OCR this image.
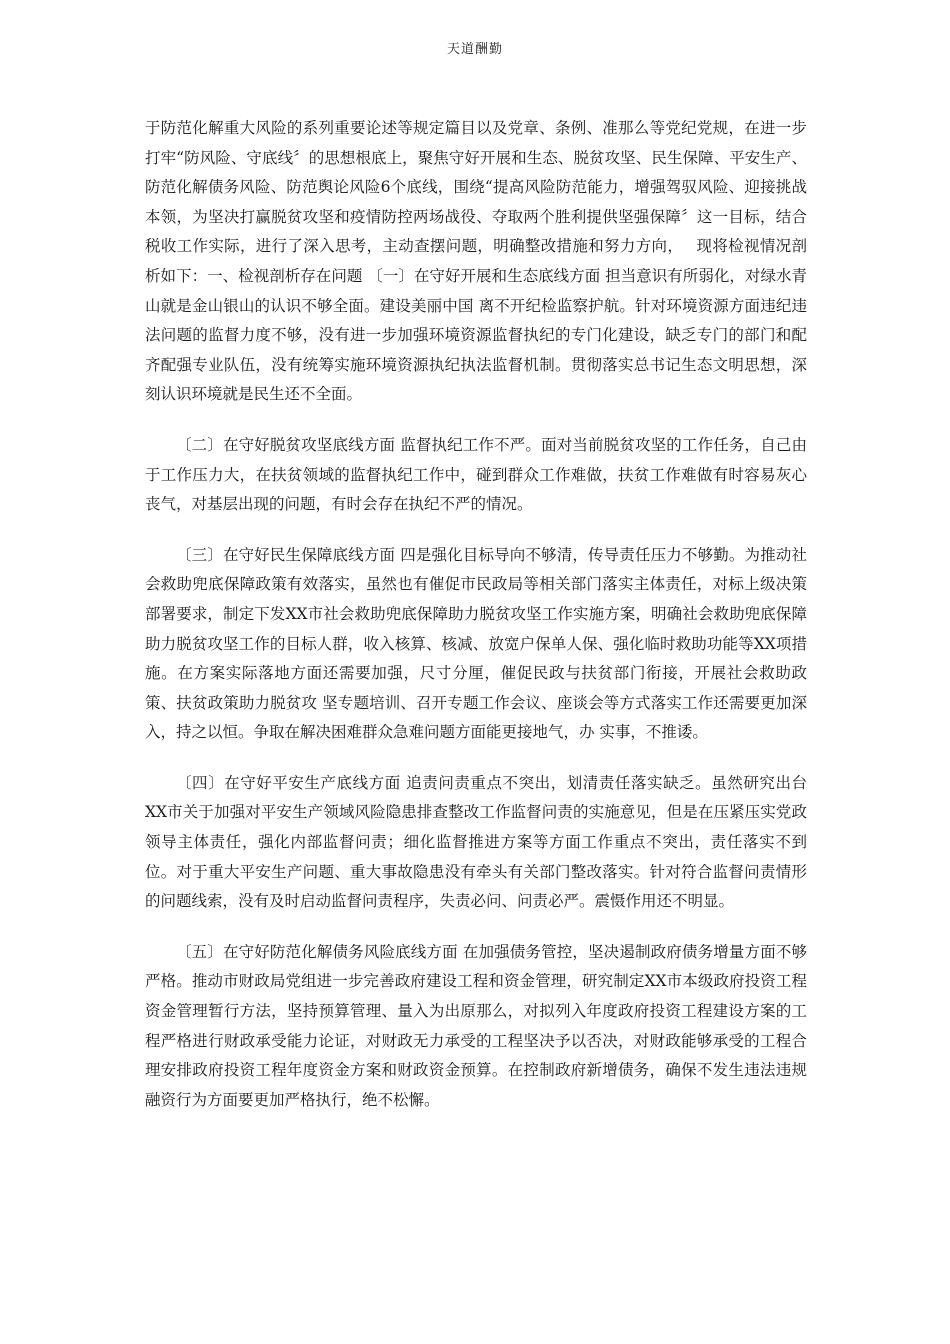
天道酬勤

于防范化解重大风险的系列重要论述等规定篇目以及党章、条例、准那么等党纪党规，在进一步打牢“防风险、守底线〞的思想根底上，聚焦守好开展和生态、脱贫攻坚、民生保障、平安生产、防范化解债务风险、防范舆论风险6个底线，围绕“提高风险防范能力，增强驾驭风险、迎接挑战本领，为坚决打赢脱贫攻坚和疫情防控两场战役、夺取两个胜利提供坚强保障〞这一目标，结合税收工作实际，进行了深入思考，主动查摆问题，明确整改措施和努力方向，　 现将检视情况剖析如下：一、检视剖析存在问题 〔一〕在守好开展和生态底线方面 担当意识有所弱化，对绿水青山就是金山银山的认识不够全面。建设美丽中国 离不开纪检监察护航。针对环境资源方面违纪违法问题的监督力度不够，没有进一步加强环境资源监督执纪的专门化建设，缺乏专门的部门和配齐配强专业队伍，没有统筹实施环境资源执纪执法监督机制。贯彻落实总书记生态文明思想，深刻认识环境就是民生还不全面。

〔二〕在守好脱贫攻坚底线方面 监督执纪工作不严。面对当前脱贫攻坚的工作任务，自己由于工作压力大，在扶贫领域的监督执纪工作中，碰到群众工作难做，扶贫工作难做有时容易灰心丧气，对基层出现的问题，有时会存在执纪不严的情况。

〔三〕在守好民生保障底线方面 四是强化目标导向不够清，传导责任压力不够勤。为推动社会救助兜底保障政策有效落实，虽然也有催促市民政局等相关部门落实主体责任，对标上级决策部署要求，制定下发XX市社会救助兜底保障助力脱贫攻坚工作实施方案，明确社会救助兜底保障助力脱贫攻坚工作的目标人群，收入核算、核减、放宽户保单人保、强化临时救助功能等XX项措施。在方案实际落地方面还需要加强，尺寸分厘，催促民政与扶贫部门衔接，开展社会救助政策、扶贫政策助力脱贫攻 坚专题培训、召开专题工作会议、座谈会等方式落实工作还需要更加深入，持之以恒。争取在解决困难群众急难问题方面能更接地气，办 实事，不推诿。

〔四〕在守好平安生产底线方面 追责问责重点不突出，划清责任落实缺乏。虽然研究出台XX市关于加强对平安生产领域风险隐患排查整改工作监督问责的实施意见，但是在压紧压实党政领导主体责任，强化内部监督问责；细化监督推进方案等方面工作重点不突出，责任落实不到位。对于重大平安生产问题、重大事故隐患没有牵头有关部门整改落实。针对符合监督问责情形的问题线索，没有及时启动监督问责程序，失责必问、问责必严。震慑作用还不明显。

〔五〕在守好防范化解债务风险底线方面 在加强债务管控，坚决遏制政府债务增量方面不够严格。推动市财政局党组进一步完善政府建设工程和资金管理，研究制定XX市本级政府投资工程资金管理暂行方法，坚持预算管理、量入为出原那么，对拟列入年度政府投资工程建设方案的工程严格进行财政承受能力论证，对财政无力承受的工程坚决予以否决，对财政能够承受的工程合理安排政府投资工程年度资金方案和财政资金预算。在控制政府新增债务，确保不发生违法违规融资行为方面要更加严格执行，绝不松懈。
